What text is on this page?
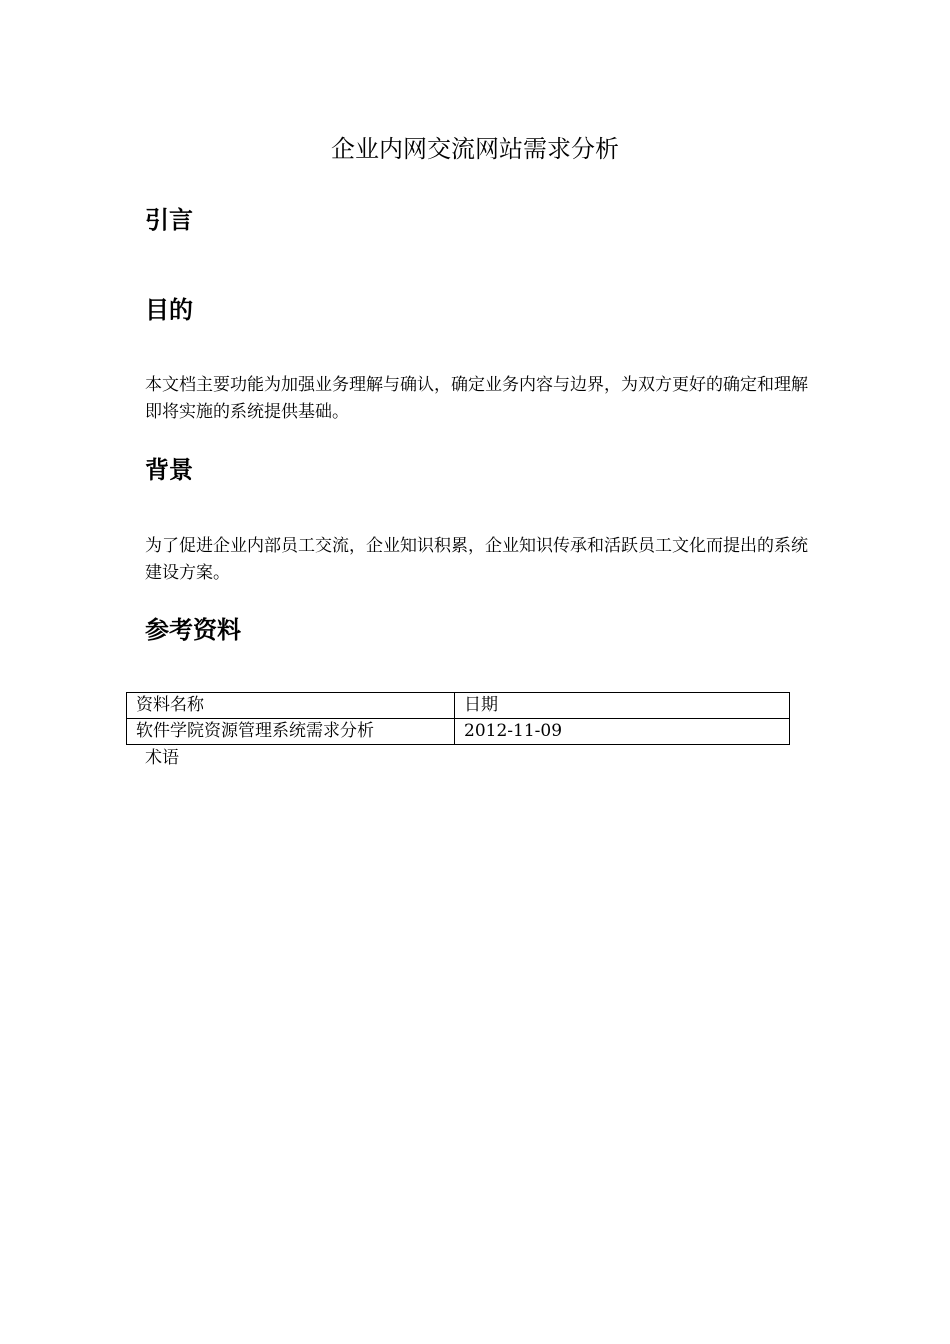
企业内网交流网站需求分析
引言
目的
本文档主要功能为加强业务理解与确认，确定业务内容与边界，为双方更好的确定和理解即将实施的系统提供基础。
背景
为了促进企业内部员工交流，企业知识积累，企业知识传承和活跃员工文化而提出的系统建设方案。
参考资料
资料名称	日期
软件学院资源管理系统需求分析	2012-11-09
术语
